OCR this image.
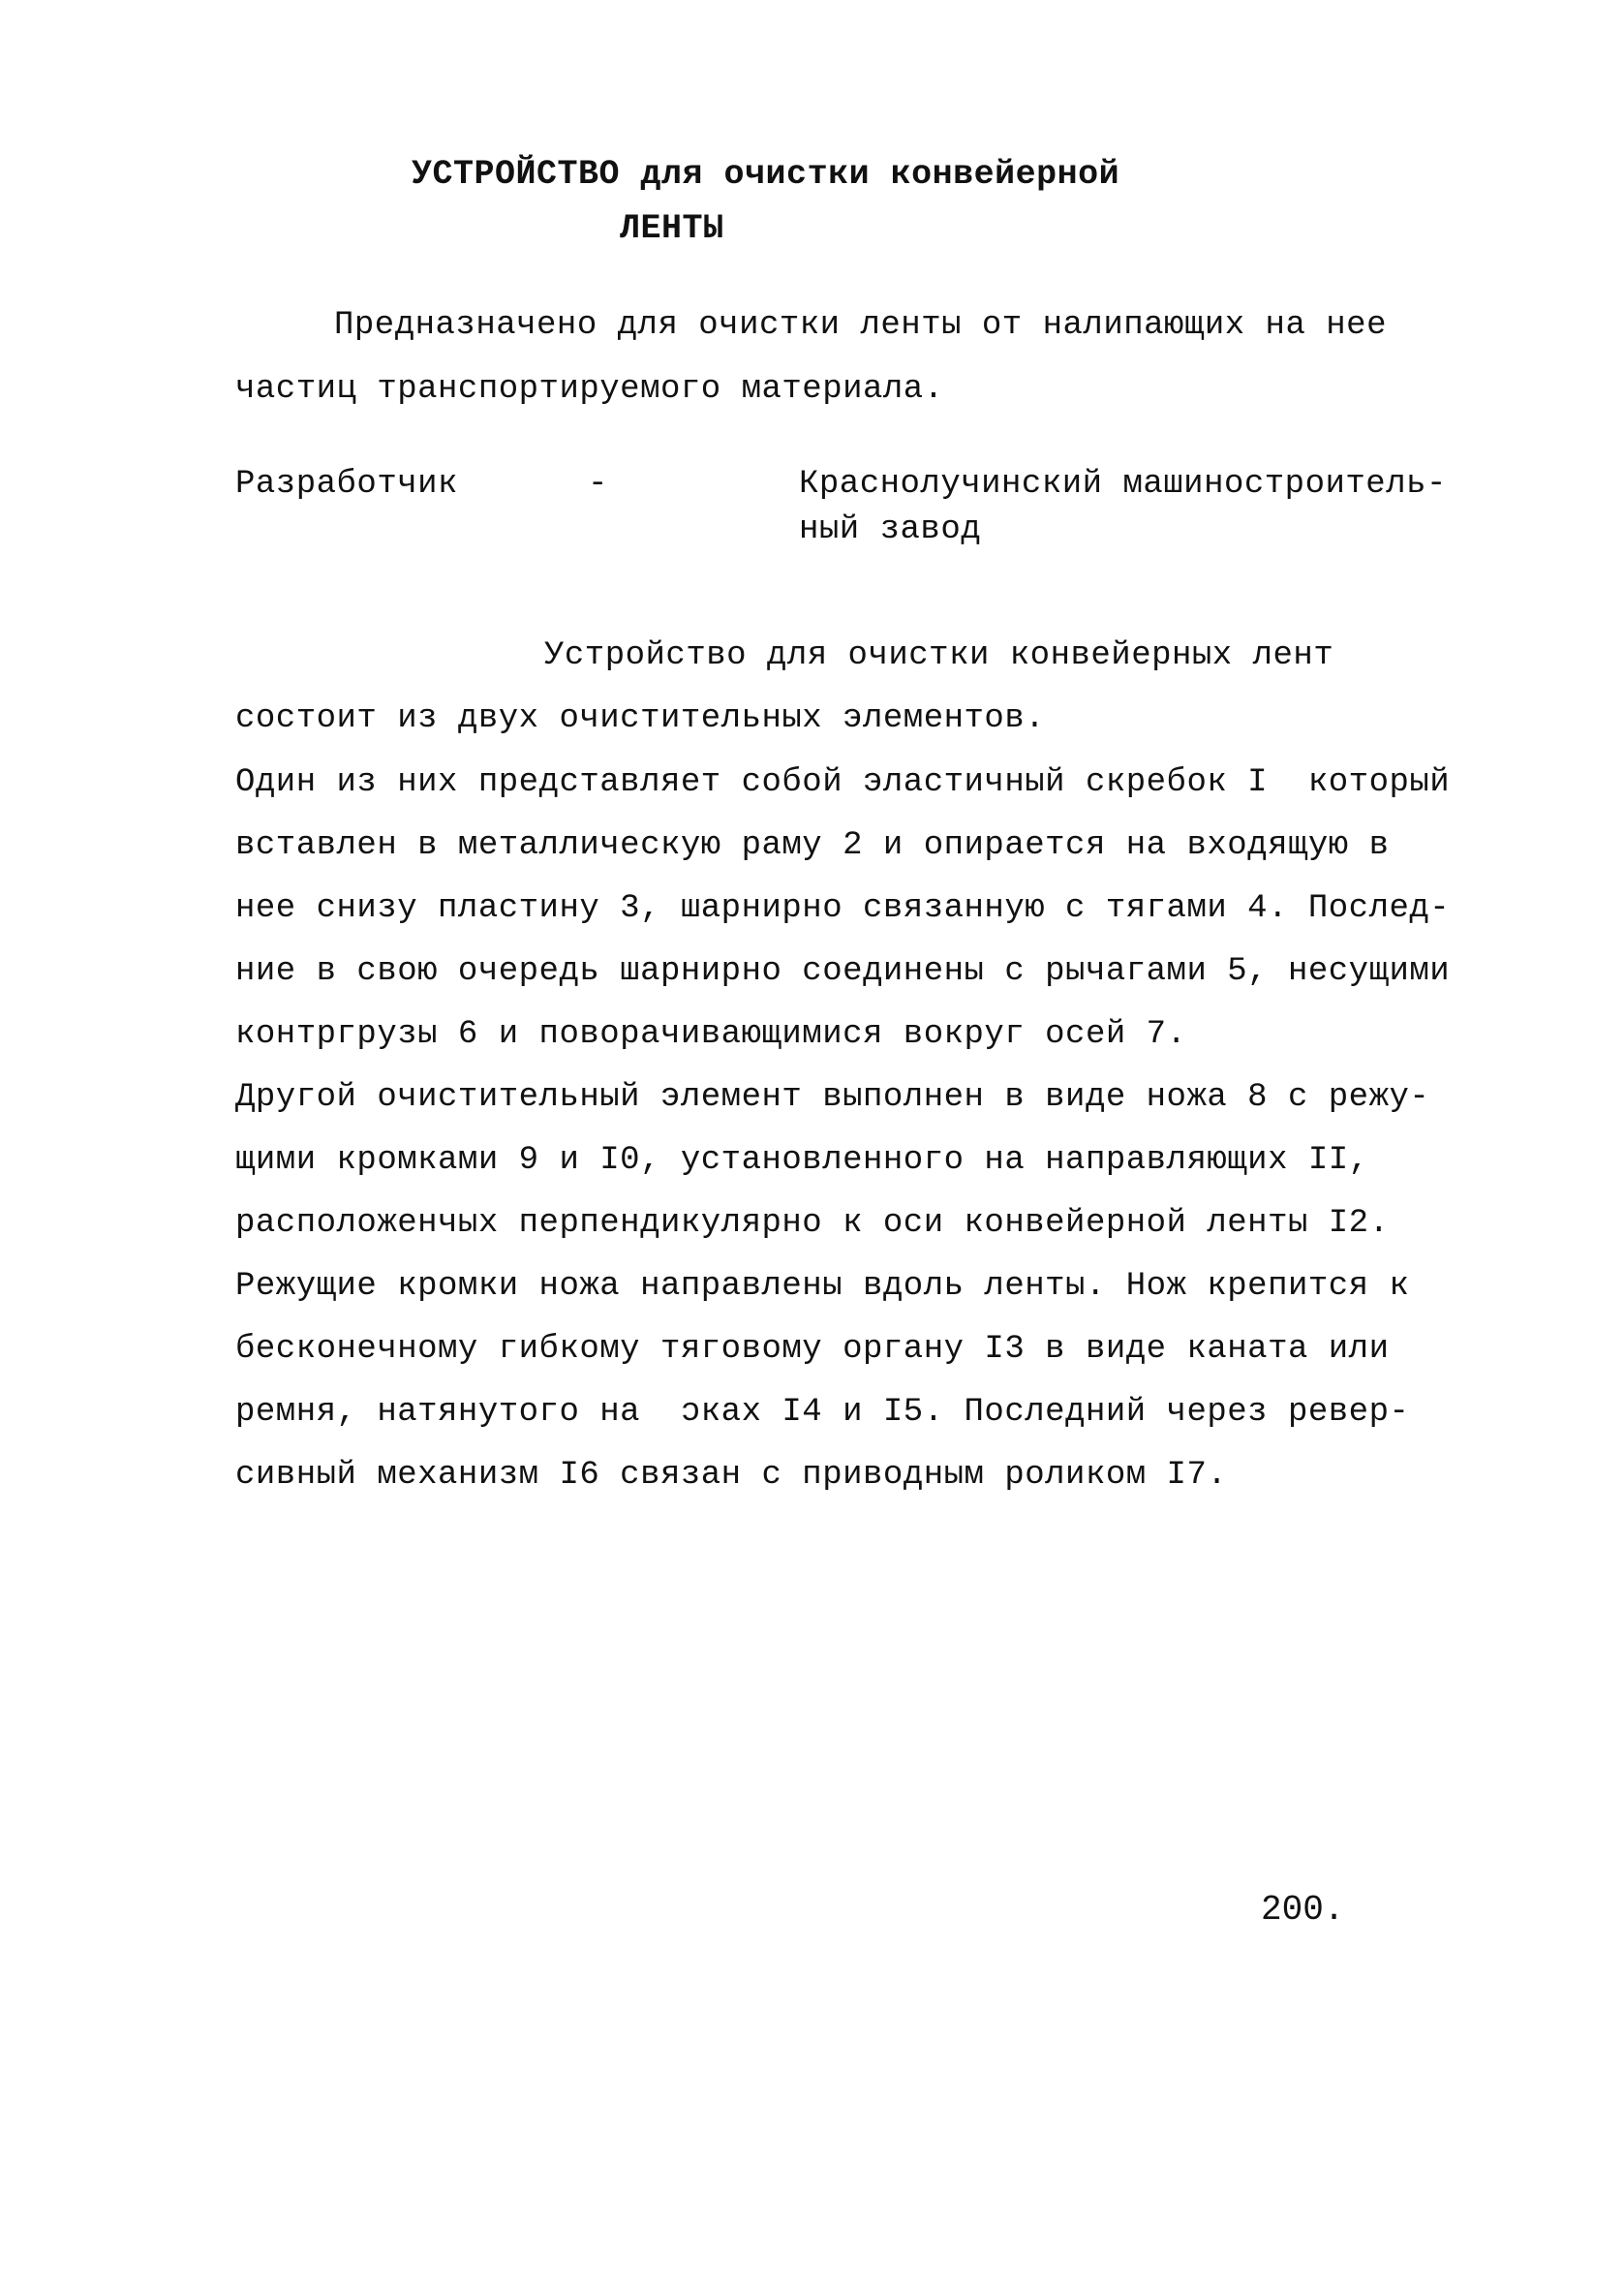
УСТРОЙСТВО для очистки конвейерной
ЛЕНТЫ
Предназначено для очистки ленты от налипающих на нее
частиц транспортируемого материала.
Разработчик	-	Краснолучинский машиностроитель-
ный завод
Устройство для очистки конвейерных лент
состоит из двух очистительных элементов.
Один из них представляет собой эластичный скребок I  который
вставлен в металлическую раму 2 и опирается на входящую в
нее снизу пластину 3, шарнирно связанную с тягами 4. Послед-
ние в свою очередь шарнирно соединены с рычагами 5, несущими
контргрузы 6 и поворачивающимися вокруг осей 7.
Другой очистительный элемент выполнен в виде ножа 8 с режу-
щими кромками 9 и I0, установленного на направляющих II,
расположенчых перпендикулярно к оси конвейерной ленты I2.
Режущие кромки ножа направлены вдоль ленты. Нож крепится к
бесконечному гибкому тяговому органу I3 в виде каната или
ремня, натянутого на  ᴐках I4 и I5. Последний через ревер-
сивный механизм I6 связан с приводным роликом I7.
200.
